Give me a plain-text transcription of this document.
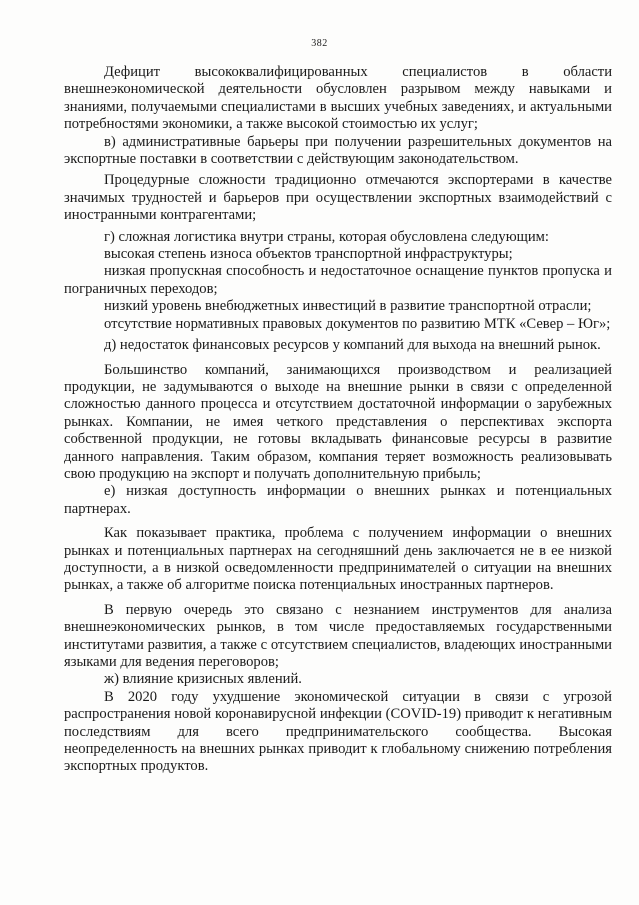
382

Дефицит высококвалифицированных специалистов в области внешнеэкономической деятельности обусловлен разрывом между навыками и знаниями, получаемыми специалистами в высших учебных заведениях, и актуальными потребностями экономики, а также высокой стоимостью их услуг;

в) административные барьеры при получении разрешительных документов на экспортные поставки в соответствии с действующим законодательством.

Процедурные сложности традиционно отмечаются экспортерами в качестве значимых трудностей и барьеров при осуществлении экспортных взаимодействий с иностранными контрагентами;

г) сложная логистика внутри страны, которая обусловлена следующим:

высокая степень износа объектов транспортной инфраструктуры;

низкая пропускная способность и недостаточное оснащение пунктов пропуска и пограничных переходов;

низкий уровень внебюджетных инвестиций в развитие транспортной отрасли;

отсутствие нормативных правовых документов по развитию МТК «Север – Юг»;

д) недостаток финансовых ресурсов у компаний для выхода на внешний рынок.

Большинство компаний, занимающихся производством и реализацией продукции, не задумываются о выходе на внешние рынки в связи с определенной сложностью данного процесса и отсутствием достаточной информации о зарубежных рынках. Компании, не имея четкого представления о перспективах экспорта собственной продукции, не готовы вкладывать финансовые ресурсы в развитие данного направления. Таким образом, компания теряет возможность реализовывать свою продукцию на экспорт и получать дополнительную прибыль;

е) низкая доступность информации о внешних рынках и потенциальных партнерах.

Как показывает практика, проблема с получением информации о внешних рынках и потенциальных партнерах на сегодняшний день заключается не в ее низкой доступности, а в низкой осведомленности предпринимателей о ситуации на внешних рынках, а также об алгоритме поиска потенциальных иностранных партнеров.

В первую очередь это связано с незнанием инструментов для анализа внешнеэкономических рынков, в том числе предоставляемых государственными институтами развития, а также с отсутствием специалистов, владеющих иностранными языками для ведения переговоров;

ж) влияние кризисных явлений.

В 2020 году ухудшение экономической ситуации в связи с угрозой распространения новой коронавирусной инфекции (COVID-19) приводит к негативным последствиям для всего предпринимательского сообщества. Высокая неопределенность на внешних рынках приводит к глобальному снижению потребления экспортных продуктов.
